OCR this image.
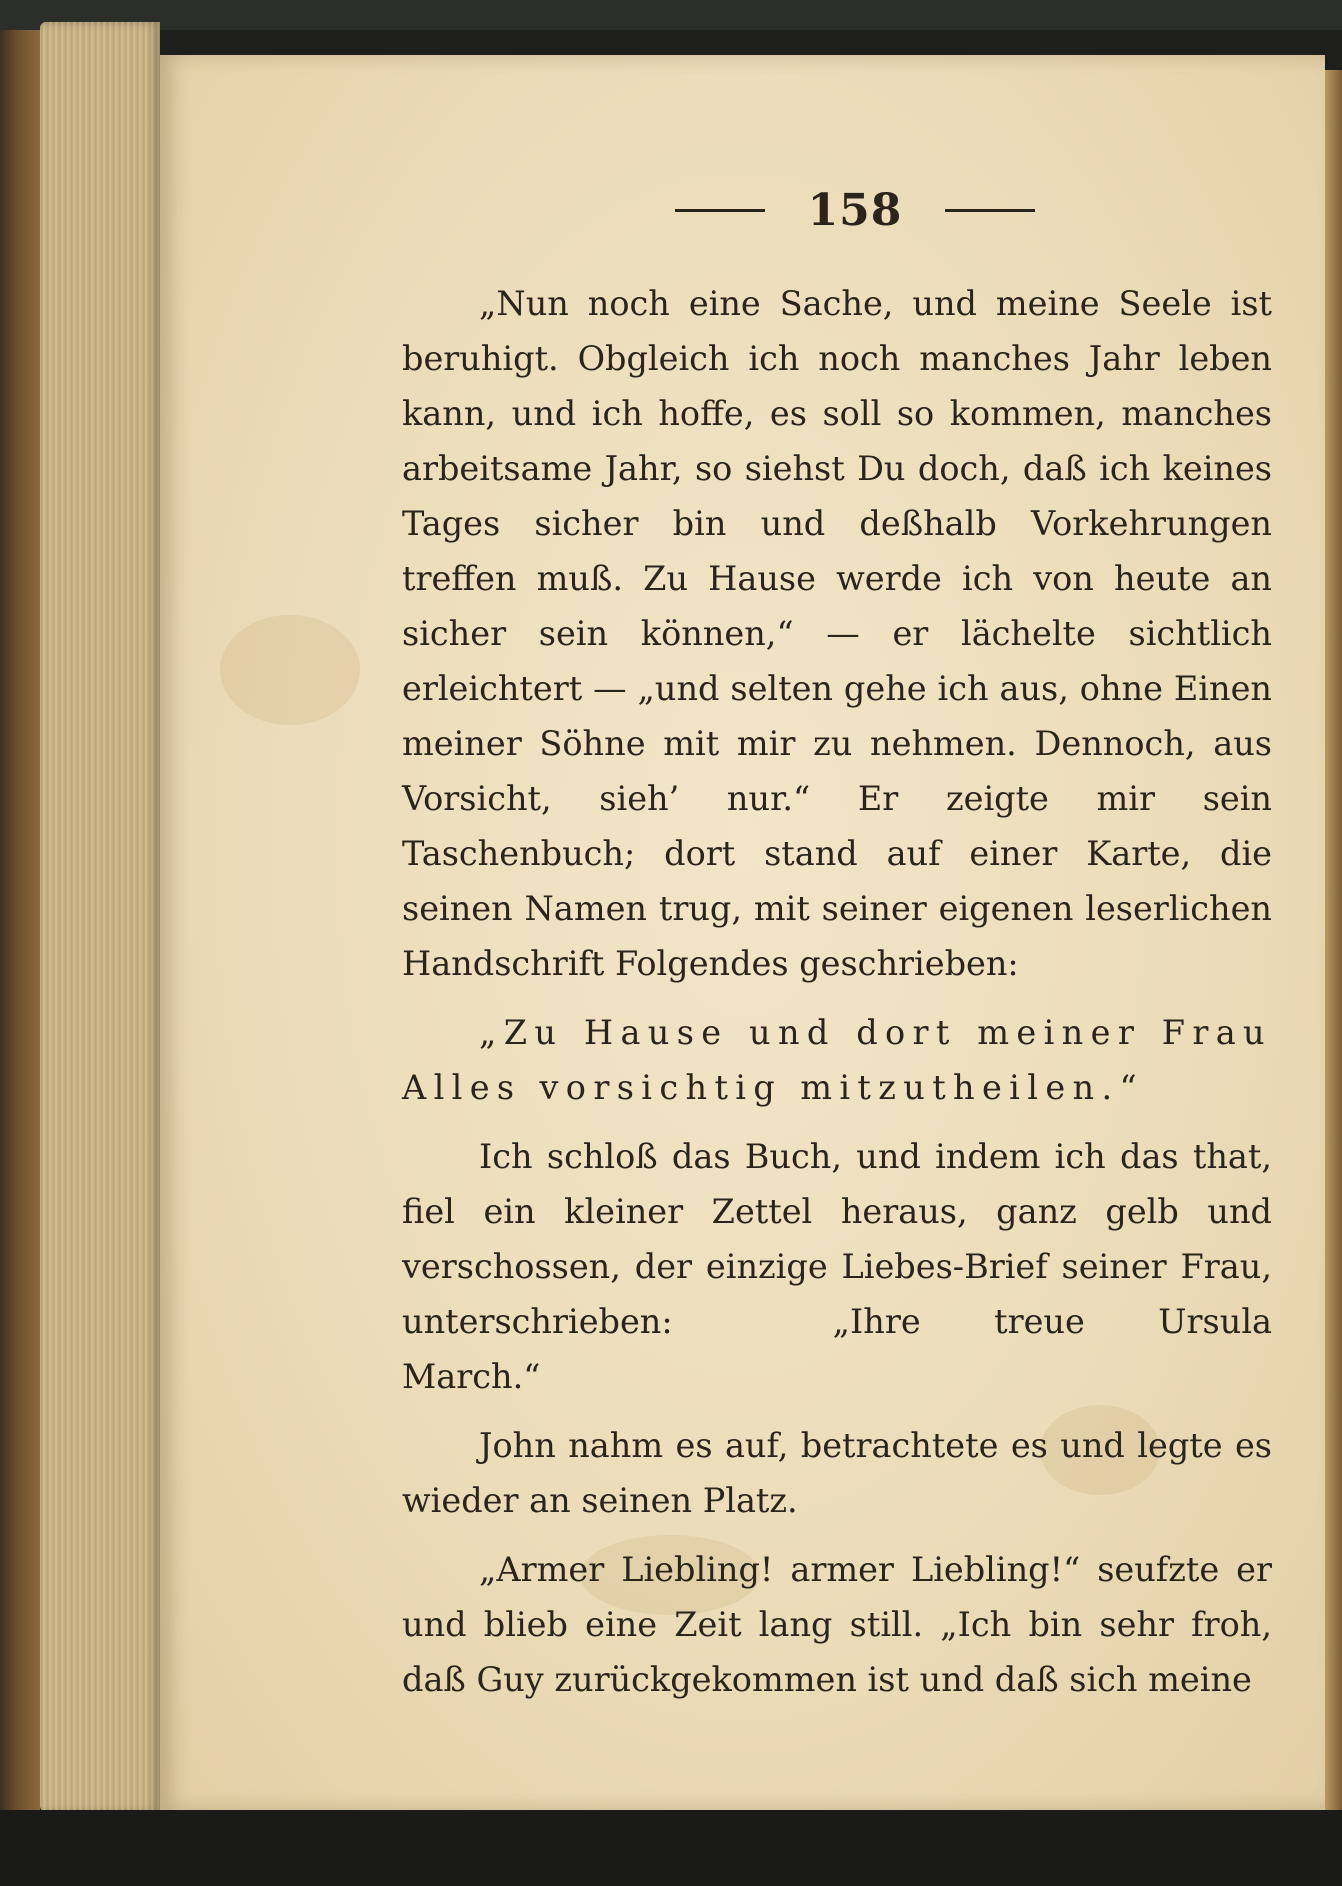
158

„Nun noch eine Sache, und meine Seele ist beruhigt. Obgleich ich noch manches Jahr leben kann, und ich hoffe, es soll so kommen, manches arbeitsame Jahr, so siehst Du doch, daß ich keines Tages sicher bin und deßhalb Vorkehrungen treffen muß. Zu Hause werde ich von heute an sicher sein können,“ — er lächelte sichtlich erleichtert — „und selten gehe ich aus, ohne Einen meiner Söhne mit mir zu nehmen. Dennoch, aus Vorsicht, sieh’ nur.“ Er zeigte mir sein Taschenbuch; dort stand auf einer Karte, die seinen Namen trug, mit seiner eigenen leserlichen Handschrift Folgendes geschrieben:

„Zu Hause und dort meiner Frau Alles vorsichtig mitzutheilen.“

Ich schloß das Buch, und indem ich das that, fiel ein kleiner Zettel heraus, ganz gelb und verschossen, der einzige Liebes-Brief seiner Frau, unterschrieben:	„Ihre treue Ursula March.“

John nahm es auf, betrachtete es und legte es wieder an seinen Platz.

„Armer Liebling! armer Liebling!“ seufzte er und blieb eine Zeit lang still. „Ich bin sehr froh, daß Guy zurückgekommen ist und daß sich meine
